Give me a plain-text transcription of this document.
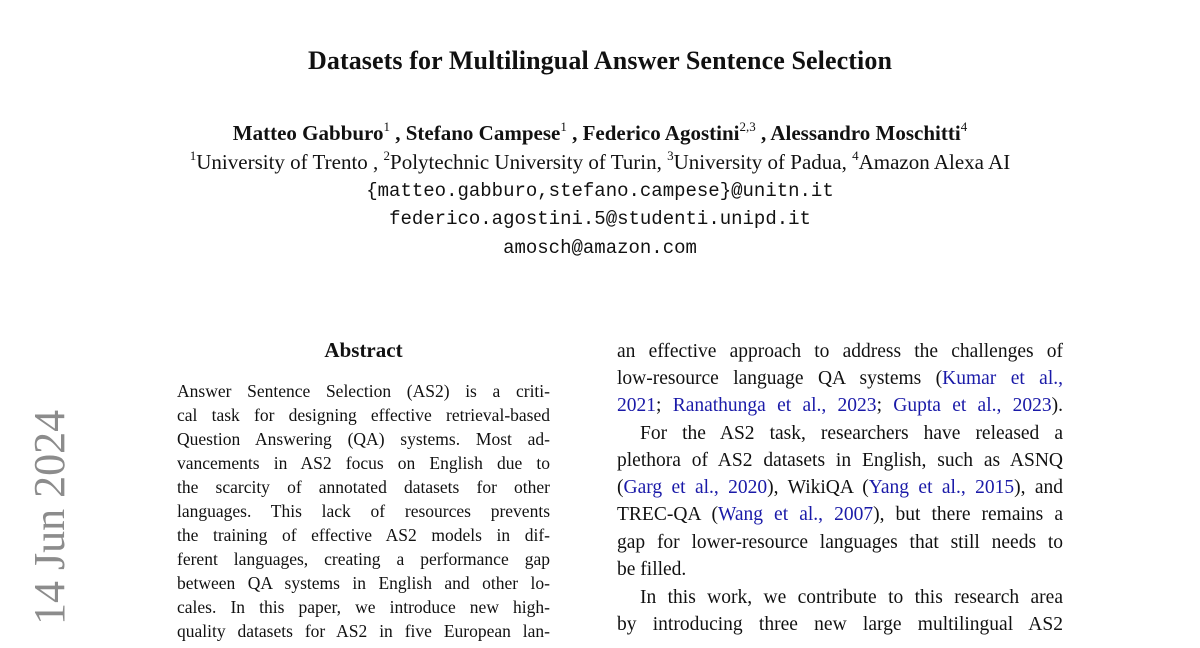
Datasets for Multilingual Answer Sentence Selection
Matteo Gabburo$^1$ , Stefano Campese$^1$ , Federico Agostini$^{2,3}$ , Alessandro Moschitti$^4$
$^1$University of Trento , $^2$Polytechnic University of Turin, $^3$University of Padua, $^4$Amazon Alexa AI
{matteo.gabburo,stefano.campese}@unitn.it
federico.agostini.5@studenti.unipd.it
amosch@amazon.com
14 Jun 2024
Abstract
Answer Sentence Selection (AS2) is a criti-
cal task for designing effective retrieval-based
Question Answering (QA) systems. Most ad-
vancements in AS2 focus on English due to
the scarcity of annotated datasets for other
languages. This lack of resources prevents
the training of effective AS2 models in dif-
ferent languages, creating a performance gap
between QA systems in English and other lo-
cales. In this paper, we introduce new high-
quality datasets for AS2 in five European lan-
an effective approach to address the challenges of
low-resource language QA systems (Kumar et al.,
2021; Ranathunga et al., 2023; Gupta et al., 2023).
For the AS2 task, researchers have released a
plethora of AS2 datasets in English, such as ASNQ
(Garg et al., 2020), WikiQA (Yang et al., 2015), and
TREC-QA (Wang et al., 2007), but there remains a
gap for lower-resource languages that still needs to
be filled.
In this work, we contribute to this research area
by introducing three new large multilingual AS2
